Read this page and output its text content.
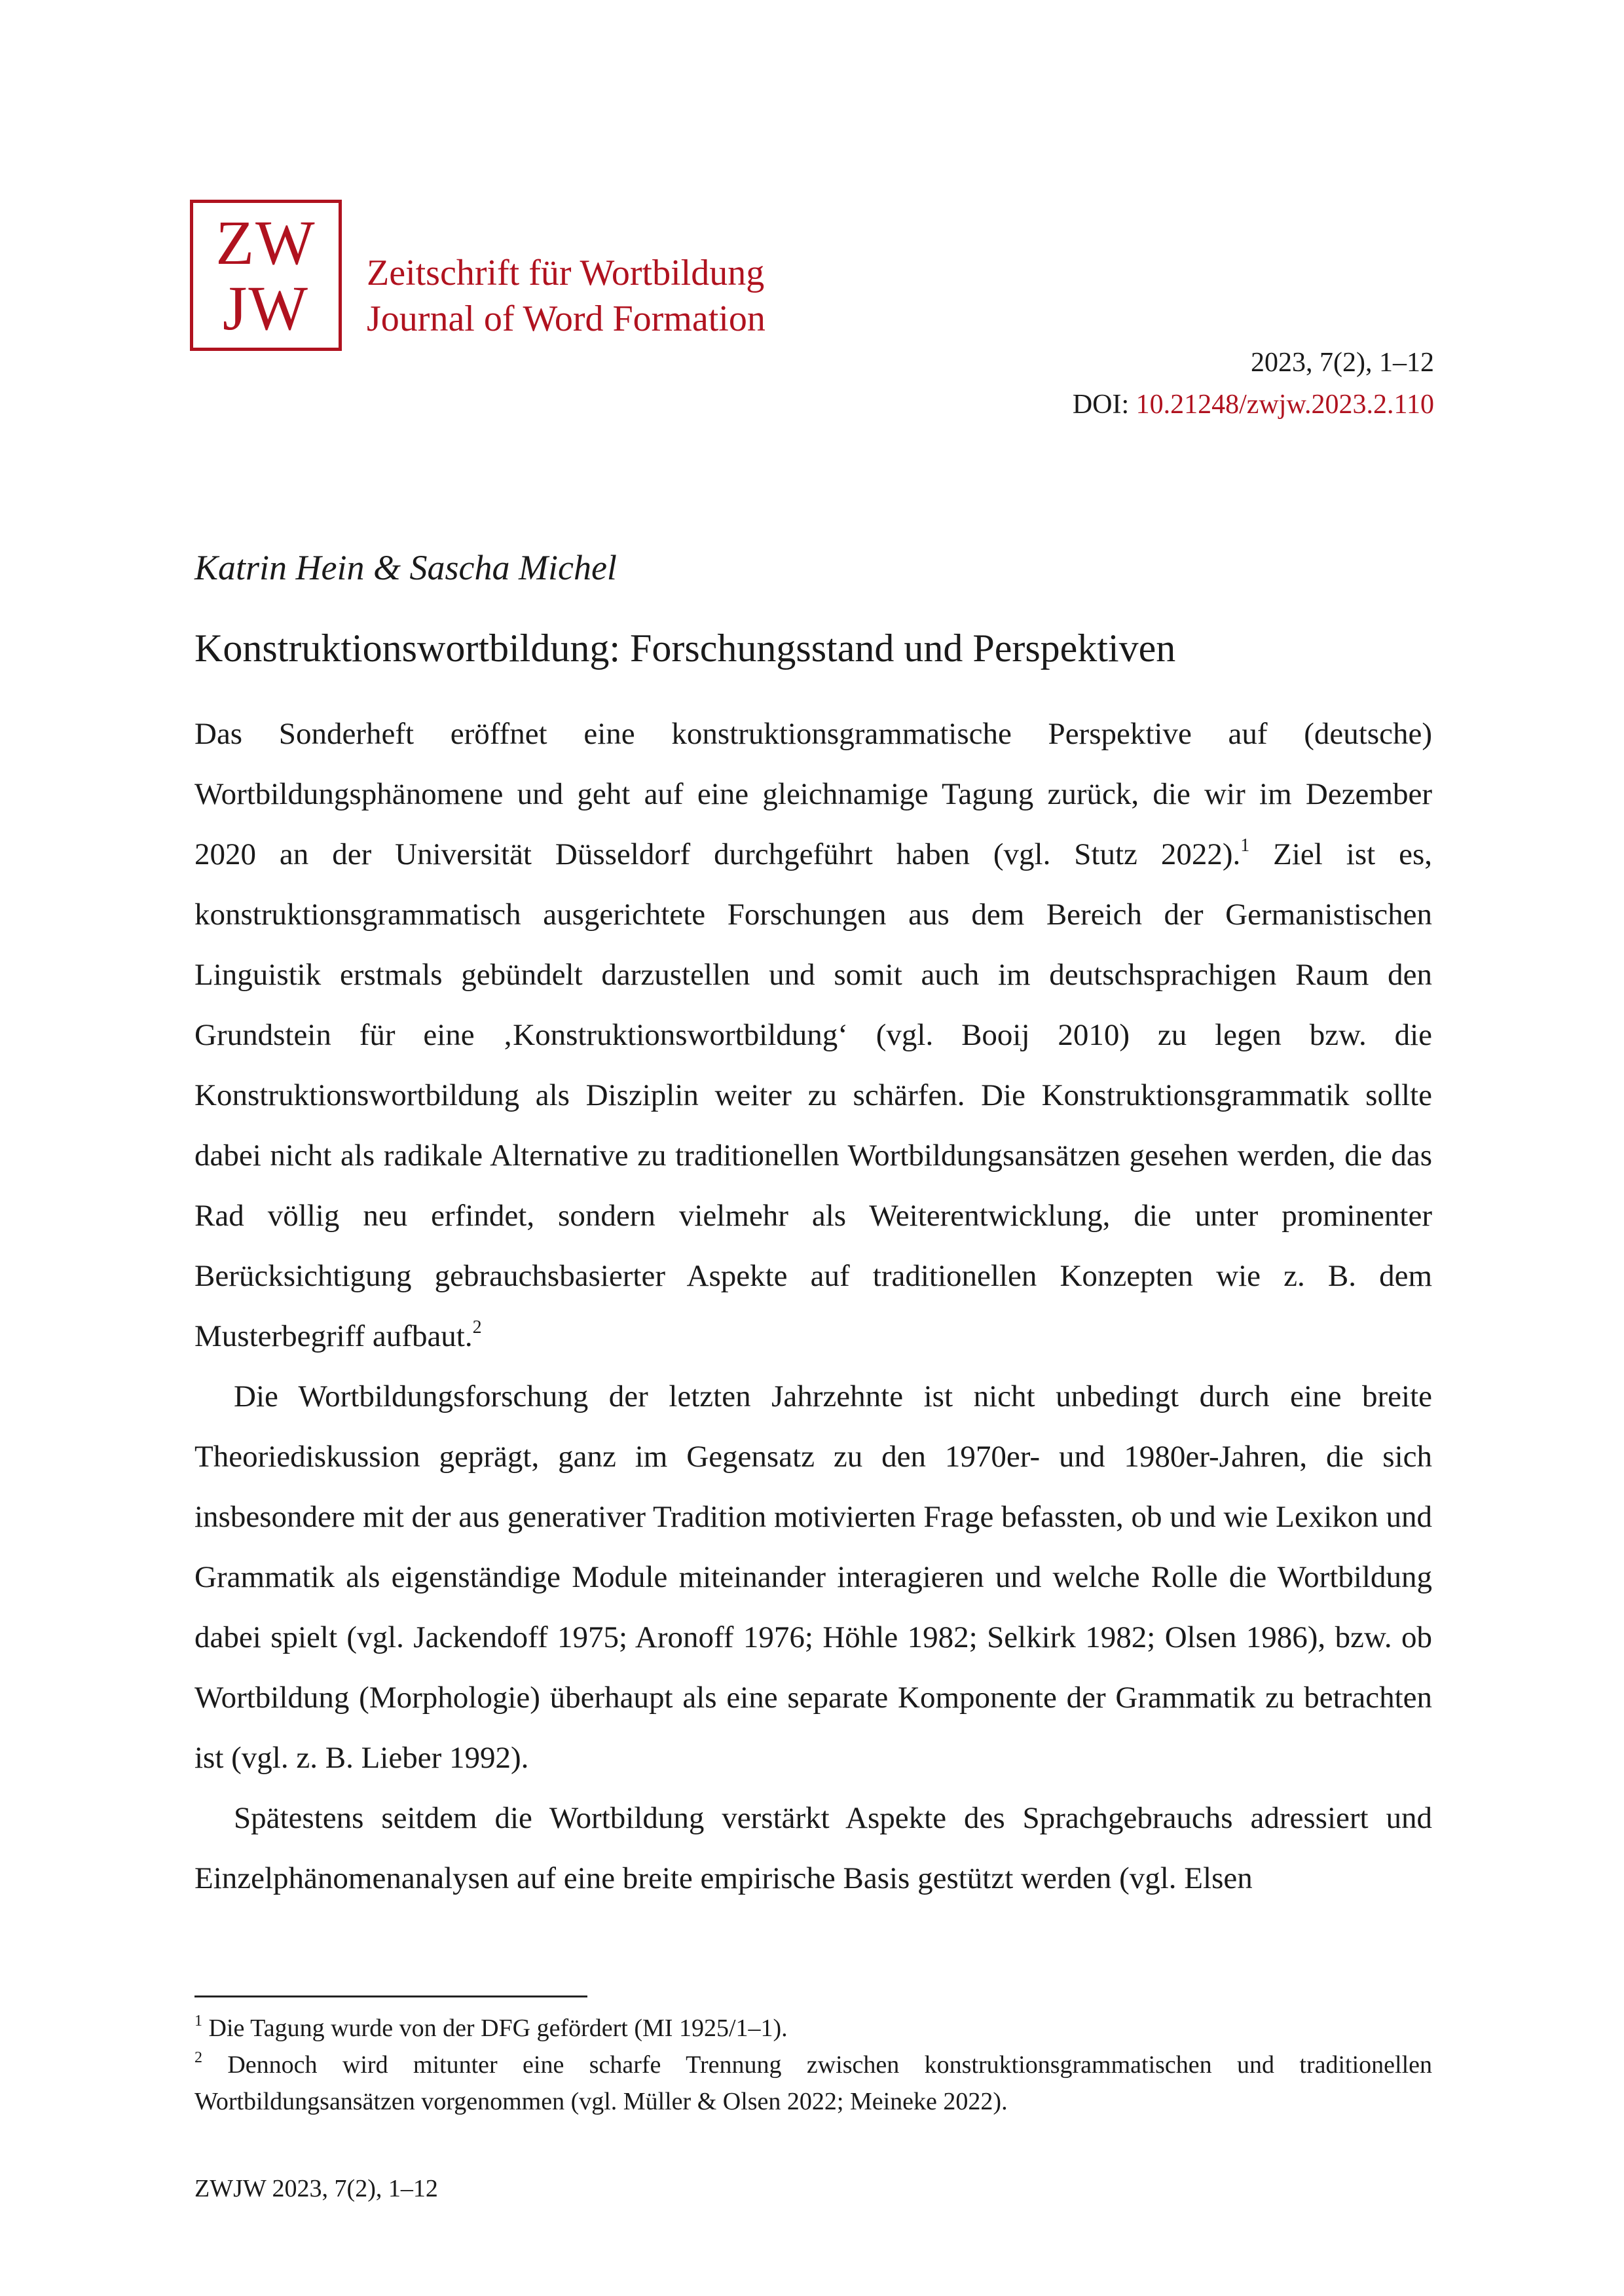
ZW
JW	Zeitschrift für Wortbildung
Journal of Word Formation
2023, 7(2), 1–12
DOI: 10.21248/zwjw.2023.2.110
Katrin Hein & Sascha Michel
Konstruktionswortbildung: Forschungsstand und Perspektiven

Das Sonderheft eröffnet eine konstruktionsgrammatische Perspektive auf (deutsche) Wortbildungsphänomene und geht auf eine gleichnamige Tagung zurück, die wir im Dezember 2020 an der Universität Düsseldorf durchgeführt haben (vgl. Stutz 2022).$^1$ Ziel ist es, konstruktionsgrammatisch ausgerichtete Forschungen aus dem Bereich der Germanistischen Linguistik erstmals gebündelt darzustellen und somit auch im deutschsprachigen Raum den Grundstein für eine ‚Konstruktionswortbildung‘ (vgl. Booij 2010) zu legen bzw. die Konstruktionswortbildung als Disziplin weiter zu schärfen. Die Konstruktionsgrammatik sollte dabei nicht als radikale Alternative zu traditionellen Wortbildungsansätzen gesehen werden, die das Rad völlig neu erfindet, sondern vielmehr als Weiterentwicklung, die unter prominenter Berücksichtigung gebrauchsbasierter Aspekte auf traditionellen Konzepten wie z. B. dem Musterbegriff aufbaut.$^2$

Die Wortbildungsforschung der letzten Jahrzehnte ist nicht unbedingt durch eine breite Theoriediskussion geprägt, ganz im Gegensatz zu den 1970er- und 1980er-Jahren, die sich insbesondere mit der aus generativer Tradition motivierten Frage befassten, ob und wie Lexikon und Grammatik als eigenständige Module miteinander interagieren und welche Rolle die Wortbildung dabei spielt (vgl. Jackendoff 1975; Aronoff 1976; Höhle 1982; Selkirk 1982; Olsen 1986), bzw. ob Wortbildung (Morphologie) überhaupt als eine separate Komponente der Grammatik zu betrachten ist (vgl. z. B. Lieber 1992).

Spätestens seitdem die Wortbildung verstärkt Aspekte des Sprachgebrauchs adressiert und Einzelphänomenanalysen auf eine breite empirische Basis gestützt werden (vgl. Elsen

$^1$ Die Tagung wurde von der DFG gefördert (MI 1925/1–1).
$^2$ Dennoch wird mitunter eine scharfe Trennung zwischen konstruktionsgrammatischen und traditionellen Wortbildungsansätzen vorgenommen (vgl. Müller & Olsen 2022; Meineke 2022).
ZWJW 2023, 7(2), 1–12
